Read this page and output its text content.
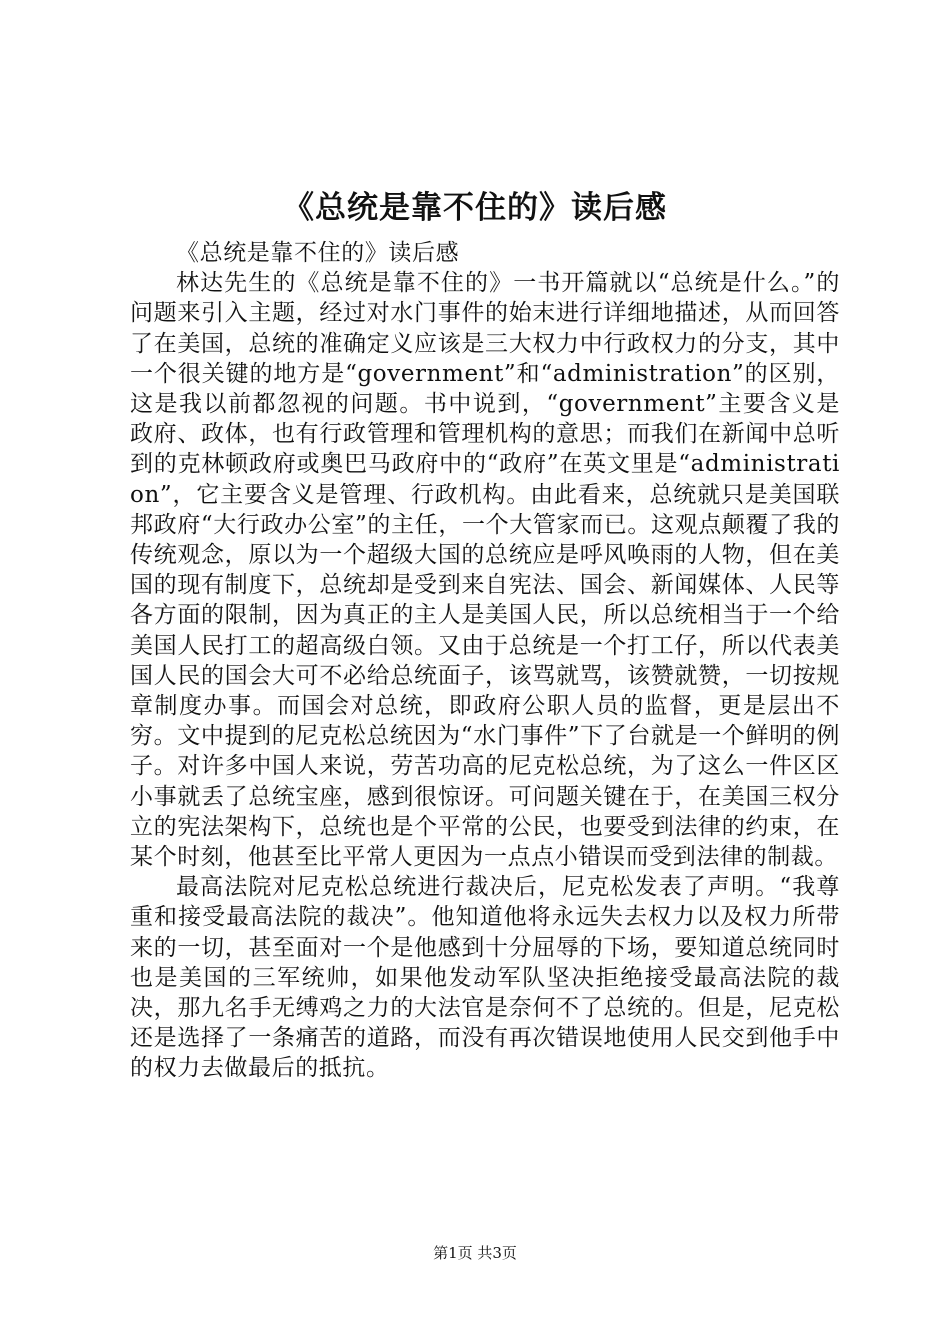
《总统是靠不住的》读后感

《总统是靠不住的》读后感

林达先生的《总统是靠不住的》一书开篇就以“总统是什么。”的问题来引入主题，经过对水门事件的始末进行详细地描述，从而回答了在美国，总统的准确定义应该是三大权力中行政权力的分支，其中一个很关键的地方是“government”和“administration”的区别，这是我以前都忽视的问题。书中说到，“government”主要含义是政府、政体，也有行政管理和管理机构的意思；而我们在新闻中总听到的克林顿政府或奥巴马政府中的“政府”在英文里是“administration”，它主要含义是管理、行政机构。由此看来，总统就只是美国联邦政府“大行政办公室”的主任，一个大管家而已。这观点颠覆了我的传统观念，原以为一个超级大国的总统应是呼风唤雨的人物，但在美国的现有制度下，总统却是受到来自宪法、国会、新闻媒体、人民等各方面的限制，因为真正的主人是美国人民，所以总统相当于一个给美国人民打工的超高级白领。又由于总统是一个打工仔，所以代表美国人民的国会大可不必给总统面子，该骂就骂，该赞就赞，一切按规章制度办事。而国会对总统，即政府公职人员的监督，更是层出不穷。文中提到的尼克松总统因为“水门事件”下了台就是一个鲜明的例子。对许多中国人来说，劳苦功高的尼克松总统，为了这么一件区区小事就丢了总统宝座，感到很惊讶。可问题关键在于，在美国三权分立的宪法架构下，总统也是个平常的公民，也要受到法律的约束，在某个时刻，他甚至比平常人更因为一点点小错误而受到法律的制裁。

最高法院对尼克松总统进行裁决后，尼克松发表了声明。“我尊重和接受最高法院的裁决”。他知道他将永远失去权力以及权力所带来的一切，甚至面对一个是他感到十分屈辱的下场，要知道总统同时也是美国的三军统帅，如果他发动军队坚决拒绝接受最高法院的裁决，那九名手无缚鸡之力的大法官是奈何不了总统的。但是，尼克松还是选择了一条痛苦的道路，而没有再次错误地使用人民交到他手中的权力去做最后的抵抗。

第1页 共3页
